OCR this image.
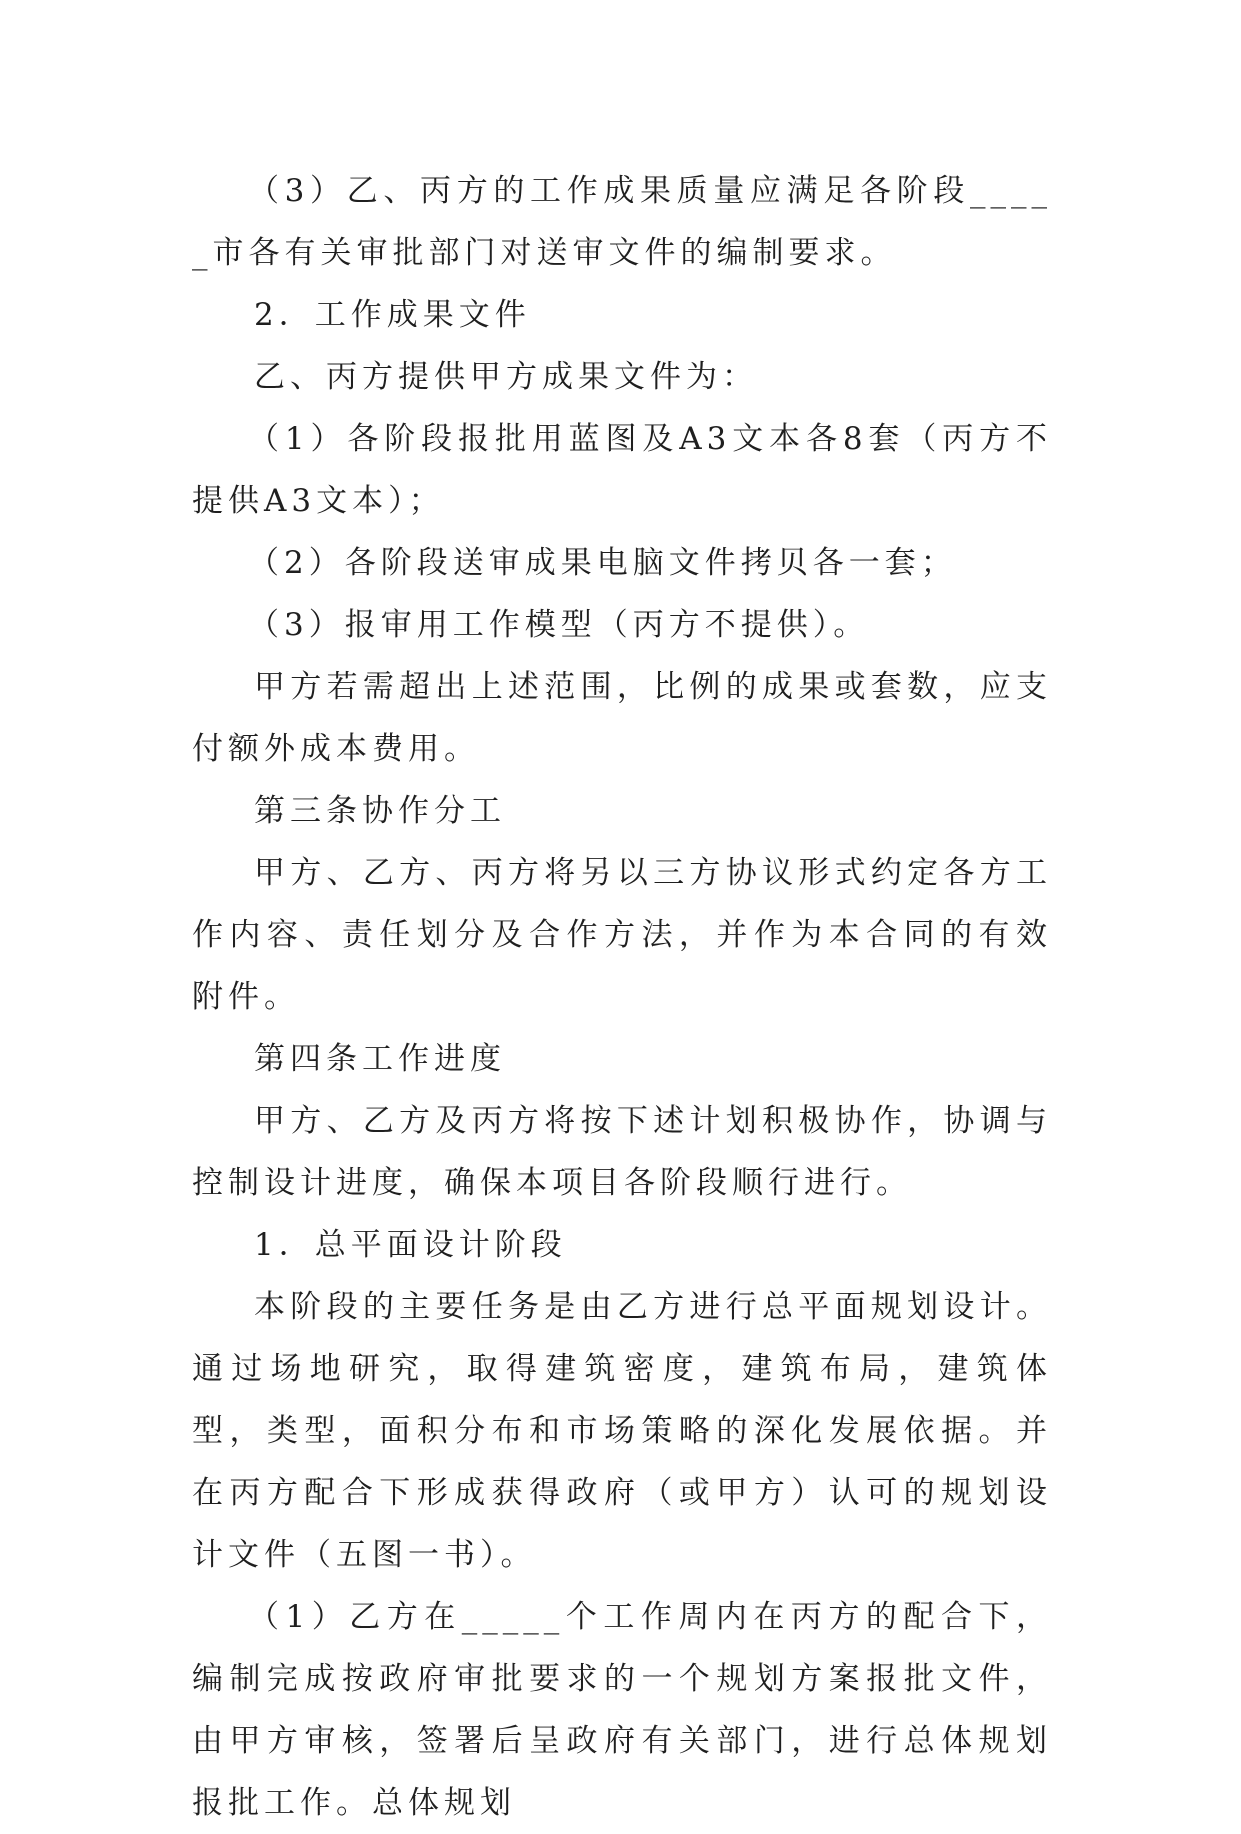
（3）乙、丙方的工作成果质量应满足各阶段_____市各有关审批部门对送审文件的编制要求。

2．工作成果文件

乙、丙方提供甲方成果文件为：

（1）各阶段报批用蓝图及A3文本各8套（丙方不提供A3文本）；

（2）各阶段送审成果电脑文件拷贝各一套；

（3）报审用工作模型（丙方不提供）。

甲方若需超出上述范围，比例的成果或套数，应支付额外成本费用。

第三条协作分工

甲方、乙方、丙方将另以三方协议形式约定各方工作内容、责任划分及合作方法，并作为本合同的有效附件。

第四条工作进度

甲方、乙方及丙方将按下述计划积极协作，协调与控制设计进度，确保本项目各阶段顺行进行。

1．总平面设计阶段

本阶段的主要任务是由乙方进行总平面规划设计。通过场地研究，取得建筑密度，建筑布局，建筑体型，类型，面积分布和市场策略的深化发展依据。并在丙方配合下形成获得政府（或甲方）认可的规划设计文件（五图一书）。

（1）乙方在_____个工作周内在丙方的配合下，编制完成按政府审批要求的一个规划方案报批文件，由甲方审核，签署后呈政府有关部门，进行总体规划报批工作。总体规划
